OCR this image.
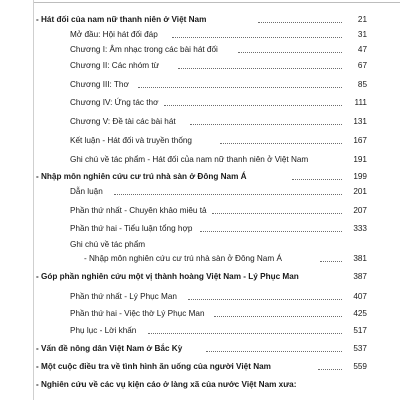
- Hát đối của nam nữ thanh niên ở Việt Nam	21
Mở đầu: Hội hát đối đáp	31
Chương I: Âm nhạc trong các bài hát đối	47
Chương II: Các nhóm từ	67
Chương III: Thơ	85
Chương IV: Ứng tác thơ	111
Chương V: Đề tài các bài hát	131
Kết luận - Hát đối và truyền thống	167
Ghi chú về tác phẩm - Hát đối của nam nữ thanh niên ở Việt Nam	191
- Nhập môn nghiên cứu cư trú nhà sàn ở Đông Nam Á	199
Dẫn luận	201
Phần thứ nhất - Chuyên khảo miêu tả	207
Phần thứ hai - Tiểu luận tổng hợp	333
Ghi chú về tác phẩm
- Nhập môn nghiên cứu cư trú nhà sàn ở Đông Nam Á	381
- Góp phần nghiên cứu một vị thành hoàng Việt Nam - Lý Phục Man	387
Phần thứ nhất - Lý Phục Man	407
Phần thứ hai - Việc thờ Lý Phục Man	425
Phụ lục - Lời khấn	517
- Vấn đề nông dân Việt Nam ở Bắc Kỳ	537
- Một cuộc điều tra về tình hình ăn uống của người Việt Nam	559
- Nghiên cứu về các vụ kiện cáo ở làng xã của nước Việt Nam xưa:
